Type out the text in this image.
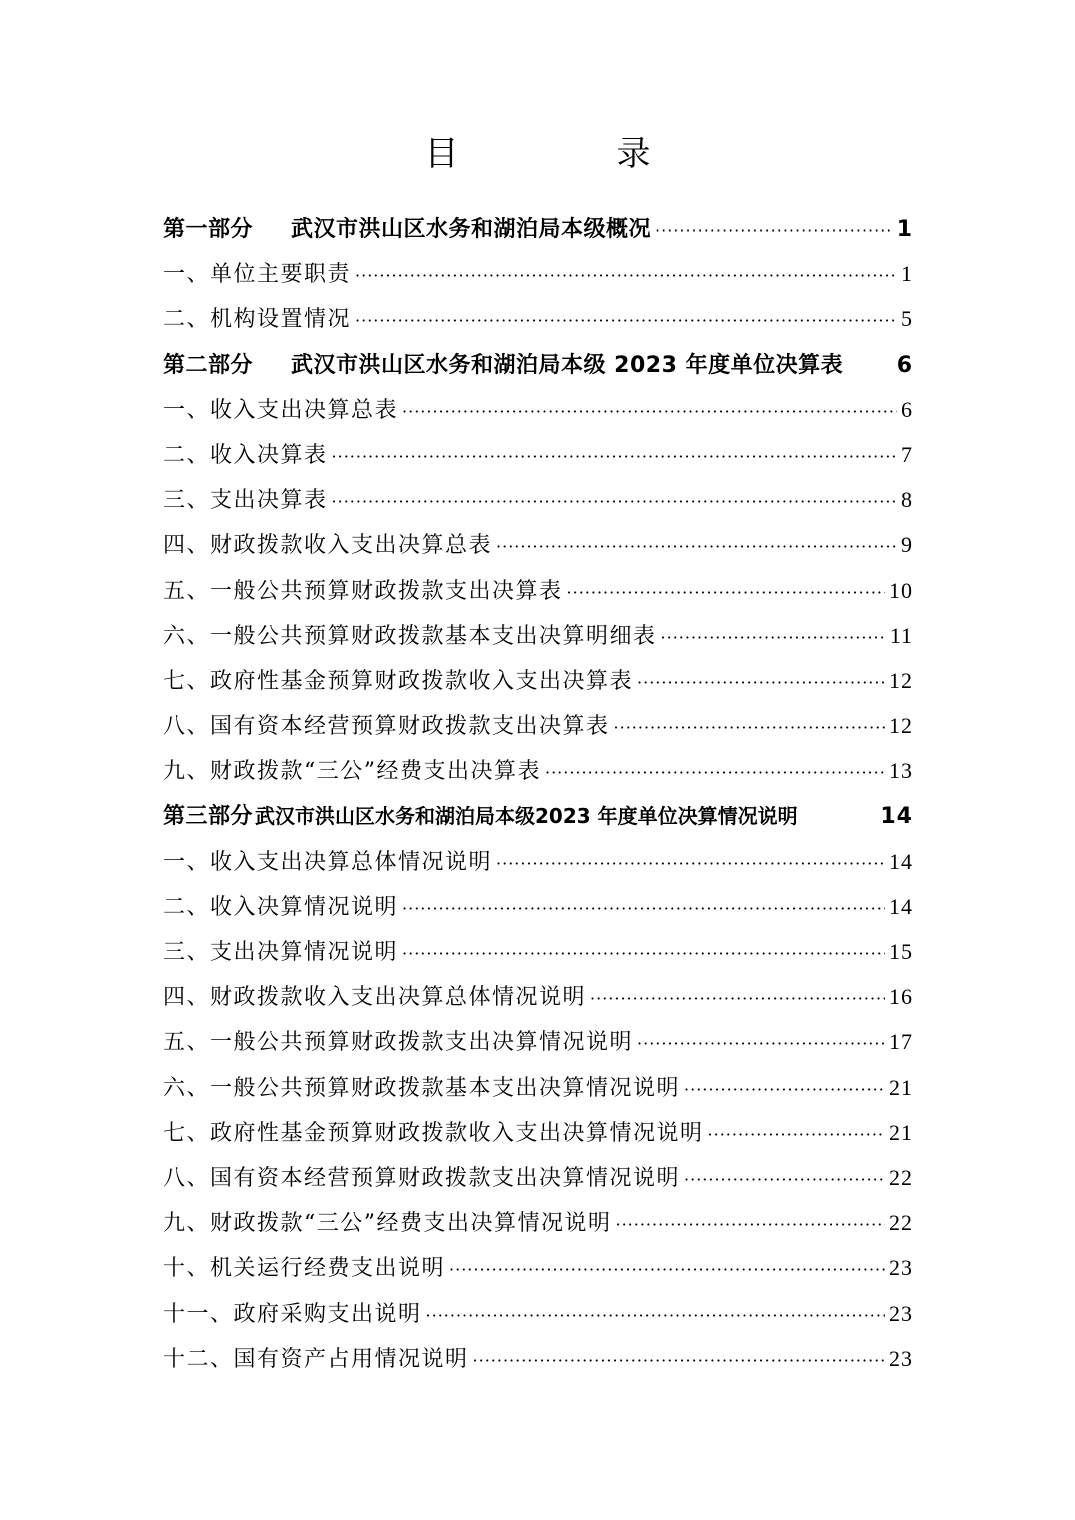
目　录
第一部分 武汉市洪山区水务和湖泊局本级概况 ·····	1
一、单位主要职责 ·····	1
二、机构设置情况 ·····	5
第二部分 武汉市洪山区水务和湖泊局本级 2023 年度单位决算表	6
一、收入支出决算总表 ·····	6
二、收入决算表 ·····	7
三、支出决算表 ·····	8
四、财政拨款收入支出决算总表 ·····	9
五、一般公共预算财政拨款支出决算表 ·····	10
六、一般公共预算财政拨款基本支出决算明细表 ·····	11
七、政府性基金预算财政拨款收入支出决算表 ·····	12
八、国有资本经营预算财政拨款支出决算表 ·····	12
九、财政拨款“三公”经费支出决算表 ·····	13
第三部分 武汉市洪山区水务和湖泊局本级2023 年度单位决算情况说明	14
一、收入支出决算总体情况说明 ·····	14
二、收入决算情况说明 ·····	14
三、支出决算情况说明 ·····	15
四、财政拨款收入支出决算总体情况说明 ·····	16
五、一般公共预算财政拨款支出决算情况说明 ·····	17
六、一般公共预算财政拨款基本支出决算情况说明 ·····	21
七、政府性基金预算财政拨款收入支出决算情况说明 ·····	21
八、国有资本经营预算财政拨款支出决算情况说明 ·····	22
九、财政拨款“三公”经费支出决算情况说明 ·····	22
十、机关运行经费支出说明 ·····	23
十一、政府采购支出说明 ·····	23
十二、国有资产占用情况说明 ·····	23
